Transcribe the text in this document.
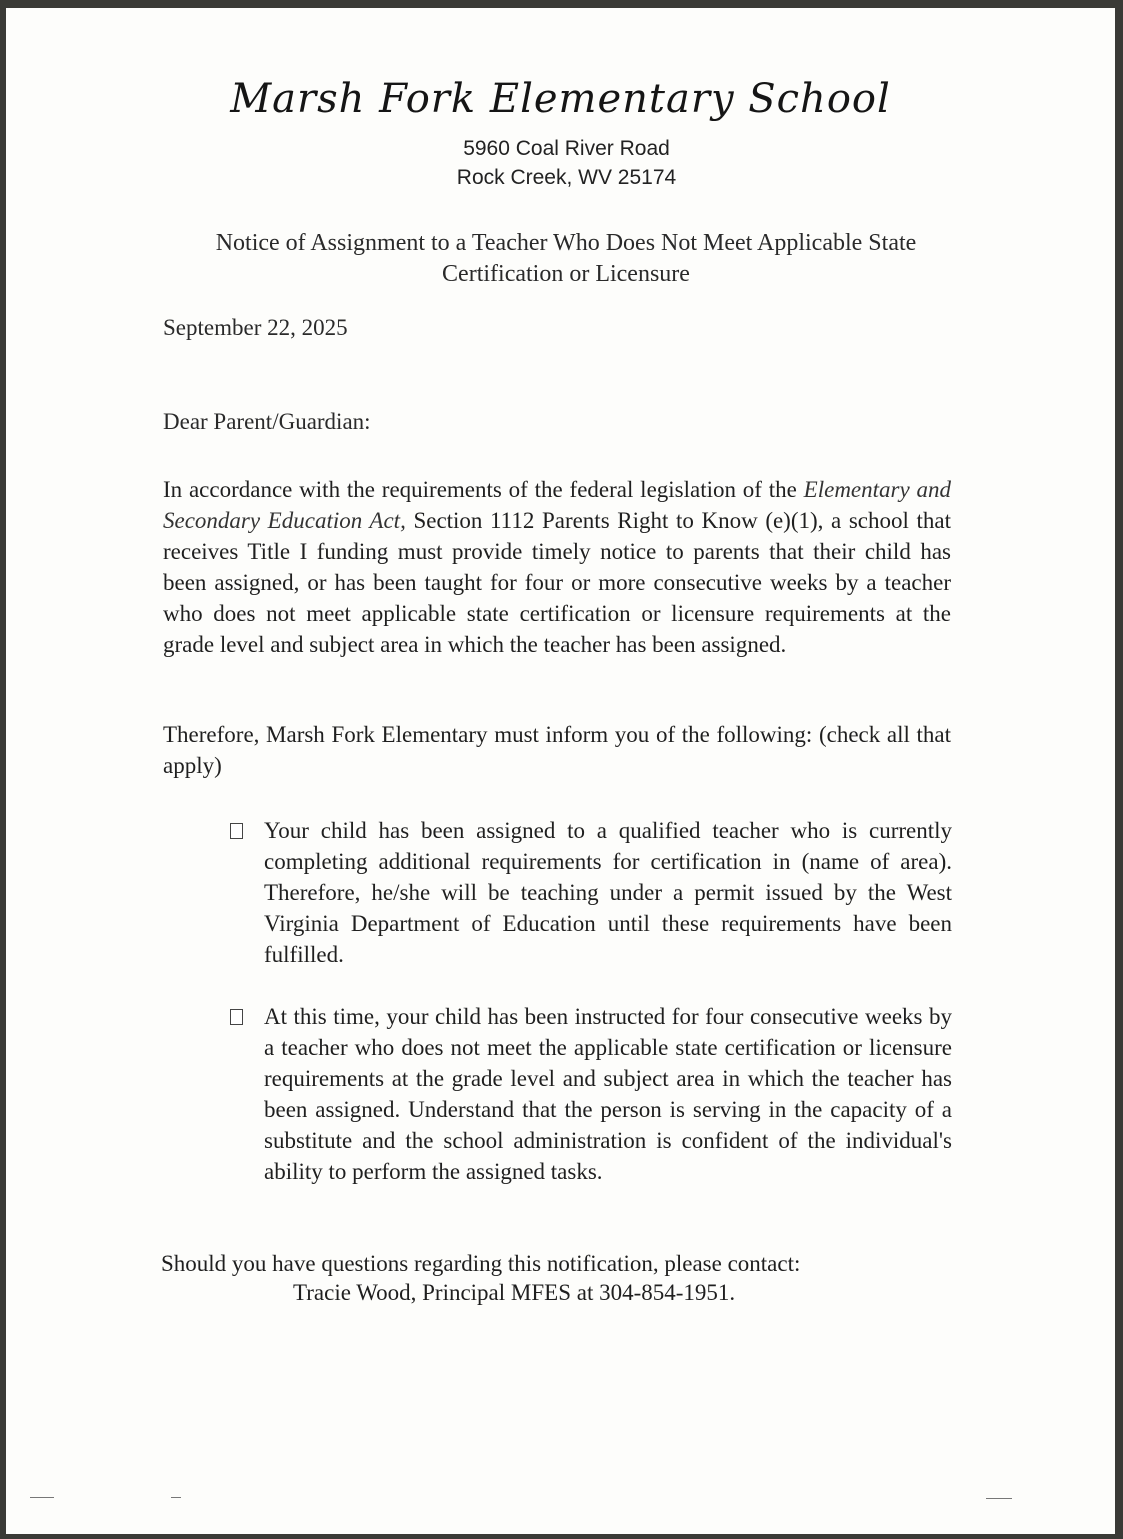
Marsh Fork Elementary School
5960 Coal River Road
Rock Creek, WV 25174
Notice of Assignment to a Teacher Who Does Not Meet Applicable State Certification or Licensure
September 22, 2025
Dear Parent/Guardian:
In accordance with the requirements of the federal legislation of the Elementary and Secondary Education Act, Section 1112 Parents Right to Know (e)(1), a school that receives Title I funding must provide timely notice to parents that their child has been assigned, or has been taught for four or more consecutive weeks by a teacher who does not meet applicable state certification or licensure requirements at the grade level and subject area in which the teacher has been assigned.
Therefore, Marsh Fork Elementary must inform you of the following: (check all that apply)
Your child has been assigned to a qualified teacher who is currently completing additional requirements for certification in (name of area). Therefore, he/she will be teaching under a permit issued by the West Virginia Department of Education until these requirements have been fulfilled.
At this time, your child has been instructed for four consecutive weeks by a teacher who does not meet the applicable state certification or licensure requirements at the grade level and subject area in which the teacher has been assigned. Understand that the person is serving in the capacity of a substitute and the school administration is confident of the individual's ability to perform the assigned tasks.
Should you have questions regarding this notification, please contact:
Tracie Wood, Principal MFES at 304-854-1951.
